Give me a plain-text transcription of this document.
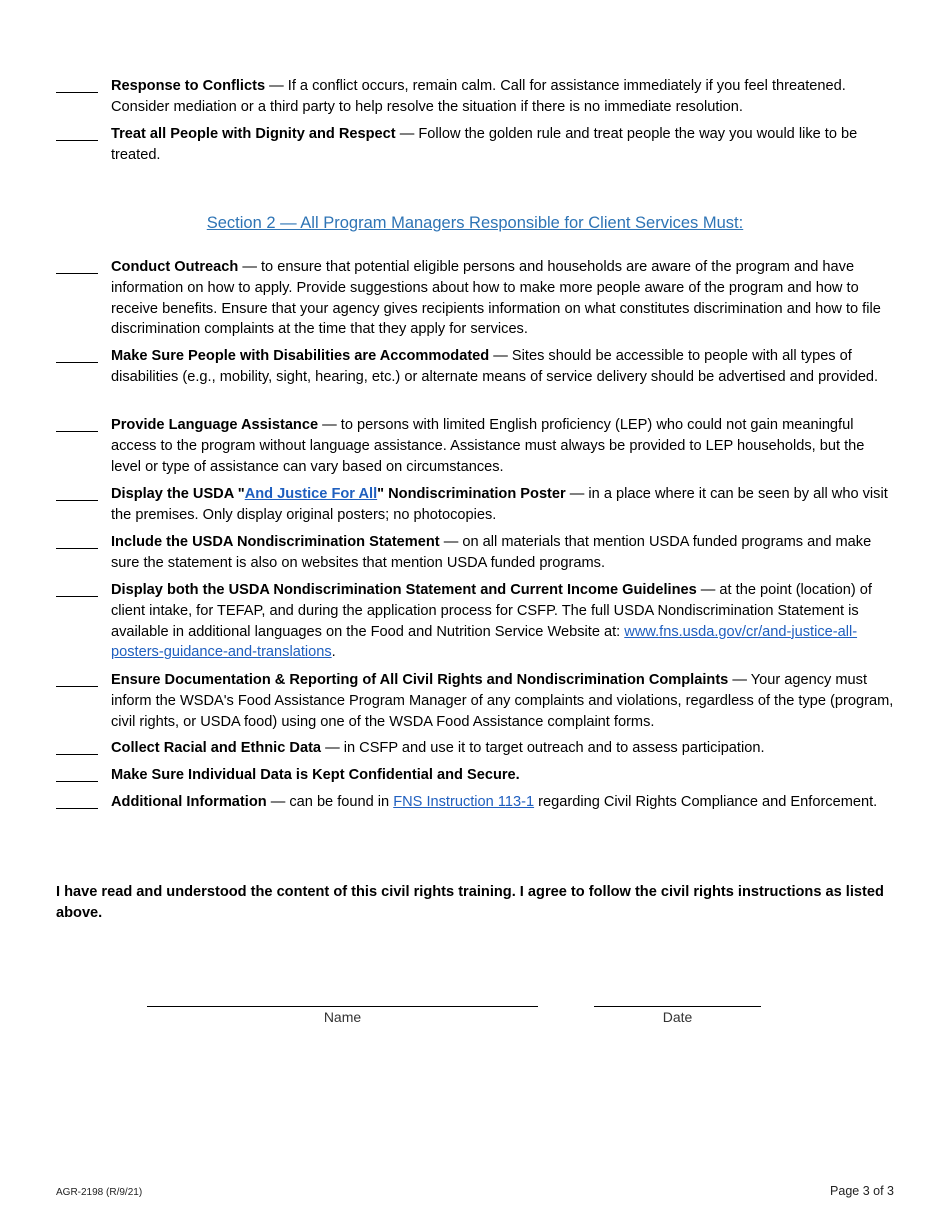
Response to Conflicts — If a conflict occurs, remain calm. Call for assistance immediately if you feel threatened. Consider mediation or a third party to help resolve the situation if there is no immediate resolution.
Treat all People with Dignity and Respect — Follow the golden rule and treat people the way you would like to be treated.
Section 2 — All Program Managers Responsible for Client Services Must:
Conduct Outreach — to ensure that potential eligible persons and households are aware of the program and have information on how to apply. Provide suggestions about how to make more people aware of the program and how to receive benefits. Ensure that your agency gives recipients information on what constitutes discrimination and how to file discrimination complaints at the time that they apply for services.
Make Sure People with Disabilities are Accommodated — Sites should be accessible to people with all types of disabilities (e.g., mobility, sight, hearing, etc.) or alternate means of service delivery should be advertised and provided.
Provide Language Assistance — to persons with limited English proficiency (LEP) who could not gain meaningful access to the program without language assistance. Assistance must always be provided to LEP households, but the level or type of assistance can vary based on circumstances.
Display the USDA "And Justice For All" Nondiscrimination Poster — in a place where it can be seen by all who visit the premises. Only display original posters; no photocopies.
Include the USDA Nondiscrimination Statement — on all materials that mention USDA funded programs and make sure the statement is also on websites that mention USDA funded programs.
Display both the USDA Nondiscrimination Statement and Current Income Guidelines — at the point (location) of client intake, for TEFAP, and during the application process for CSFP. The full USDA Nondiscrimination Statement is available in additional languages on the Food and Nutrition Service Website at: www.fns.usda.gov/cr/and-justice-all-posters-guidance-and-translations.
Ensure Documentation & Reporting of All Civil Rights and Nondiscrimination Complaints — Your agency must inform the WSDA's Food Assistance Program Manager of any complaints and violations, regardless of the type (program, civil rights, or USDA food) using one of the WSDA Food Assistance complaint forms.
Collect Racial and Ethnic Data — in CSFP and use it to target outreach and to assess participation.
Make Sure Individual Data is Kept Confidential and Secure.
Additional Information — can be found in FNS Instruction 113-1 regarding Civil Rights Compliance and Enforcement.
I have read and understood the content of this civil rights training. I agree to follow the civil rights instructions as listed above.
Name	Date
AGR-2198 (R/9/21)	Page 3 of 3
